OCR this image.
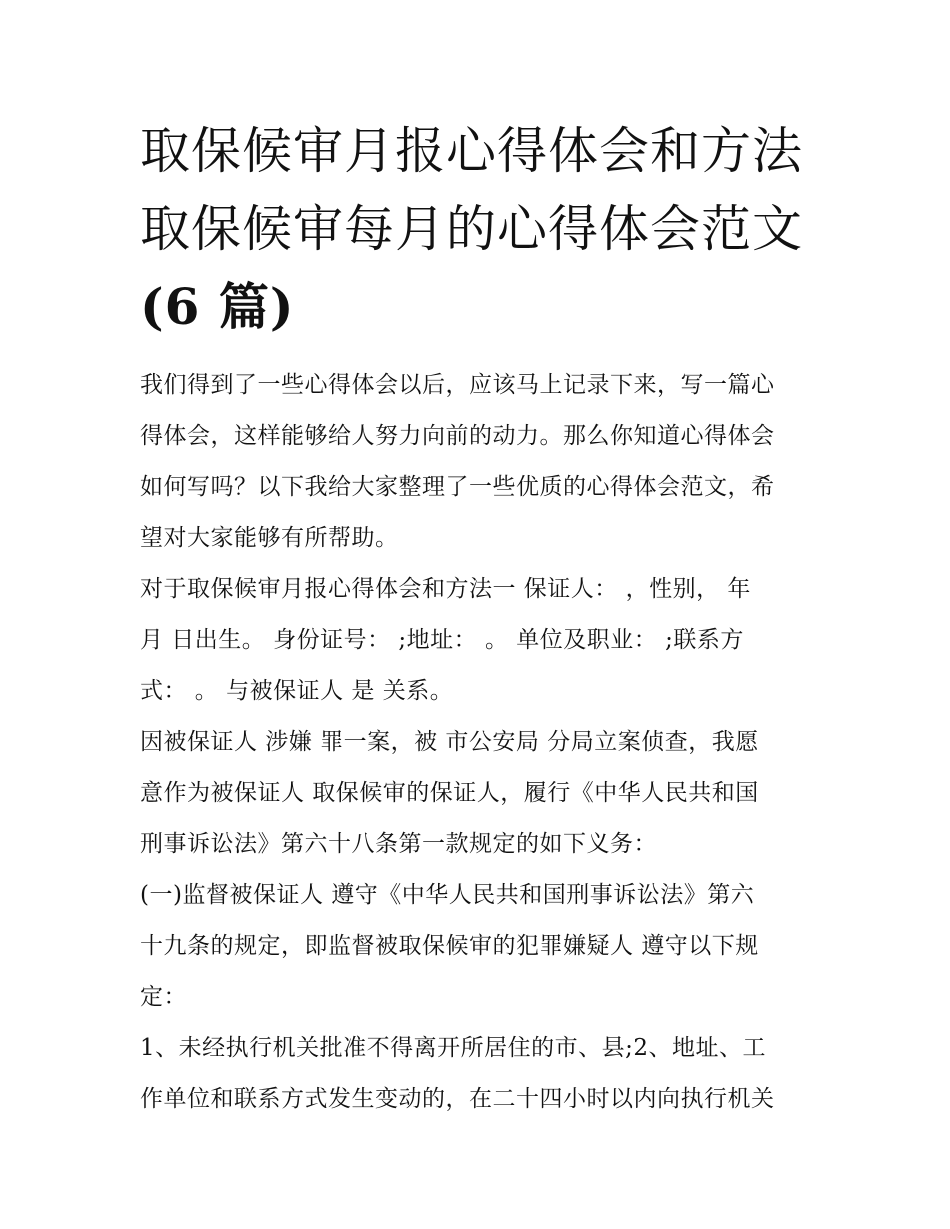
取保候审月报心得体会和方法
取保候审每月的心得体会范文
(6 篇)
我们得到了一些心得体会以后，应该马上记录下来，写一篇心
得体会，这样能够给人努力向前的动力。那么你知道心得体会
如何写吗？以下我给大家整理了一些优质的心得体会范文，希
望对大家能够有所帮助。
对于取保候审月报心得体会和方法一 保证人： ，性别， 年
月 日出生。 身份证号： ;地址： 。 单位及职业： ;联系方
式： 。 与被保证人 是 关系。
因被保证人 涉嫌 罪一案，被 市公安局 分局立案侦查，我愿
意作为被保证人 取保候审的保证人，履行《中华人民共和国
刑事诉讼法》第六十八条第一款规定的如下义务：
(一)监督被保证人 遵守《中华人民共和国刑事诉讼法》第六
十九条的规定，即监督被取保候审的犯罪嫌疑人 遵守以下规
定：
1、未经执行机关批准不得离开所居住的市、县;2、地址、工
作单位和联系方式发生变动的，在二十四小时以内向执行机关
